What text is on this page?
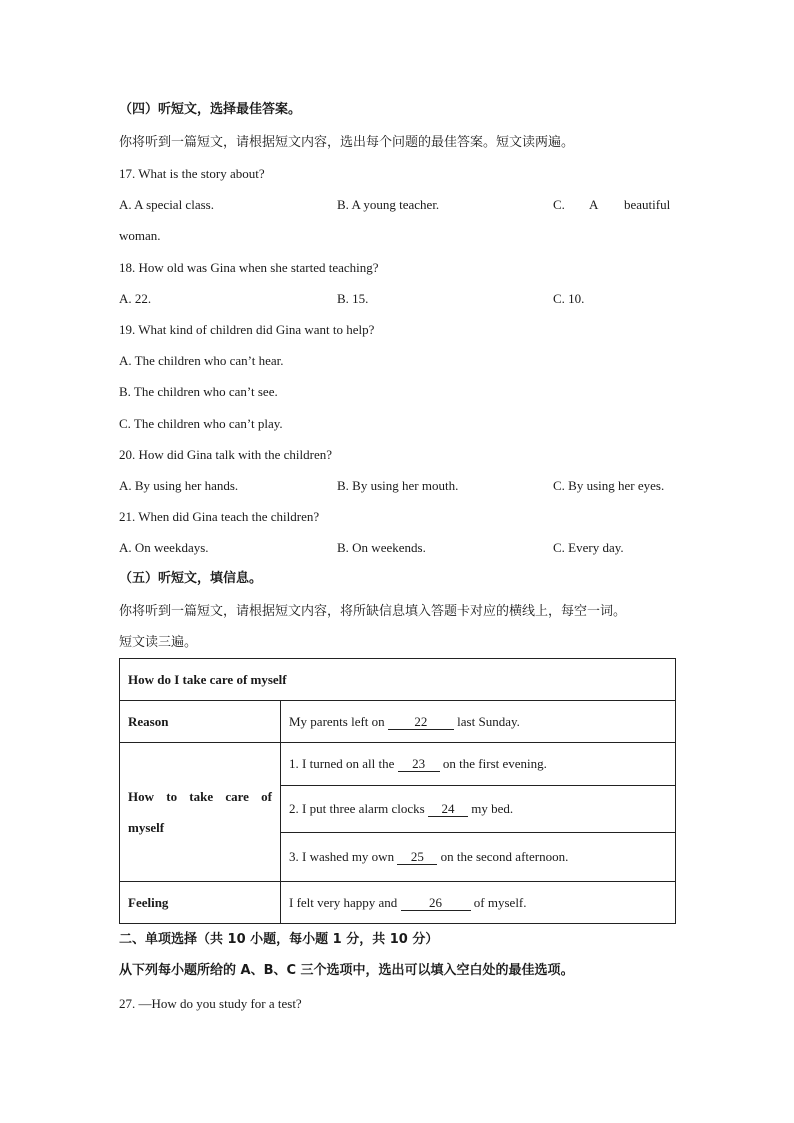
（四）听短文，选择最佳答案。
你将听到一篇短文，请根据短文内容，选出每个问题的最佳答案。短文读两遍。
17. What is the story about?
A. A special class.	B. A young teacher.	C. A beautiful
woman.
18. How old was Gina when she started teaching?
A. 22.	B. 15.	C. 10.
19. What kind of children did Gina want to help?
A. The children who can’t hear.
B. The children who can’t see.
C. The children who can’t play.
20. How did Gina talk with the children?
A. By using her hands.	B. By using her mouth.	C. By using her eyes.
21. When did Gina teach the children?
A. On weekdays.	B. On weekends.	C. Every day.
（五）听短文，填信息。
你将听到一篇短文，请根据短文内容，将所缺信息填入答题卡对应的横线上，每空一词。
短文读三遍。
How do I take care of myself	
Reason	My parents left on 22 last Sunday.

How to take care of
myself	1. I turned on all the 23 on the first evening.
	2. I put three alarm clocks 24 my bed.
	3. I washed my own 25 on the second afternoon.
Feeling	I felt very happy and 26 of myself.
二、单项选择（共 10 小题，每小题 1 分，共 10 分）
从下列每小题所给的 A、B、C 三个选项中，选出可以填入空白处的最佳选项。
27. —How do you study for a test?
